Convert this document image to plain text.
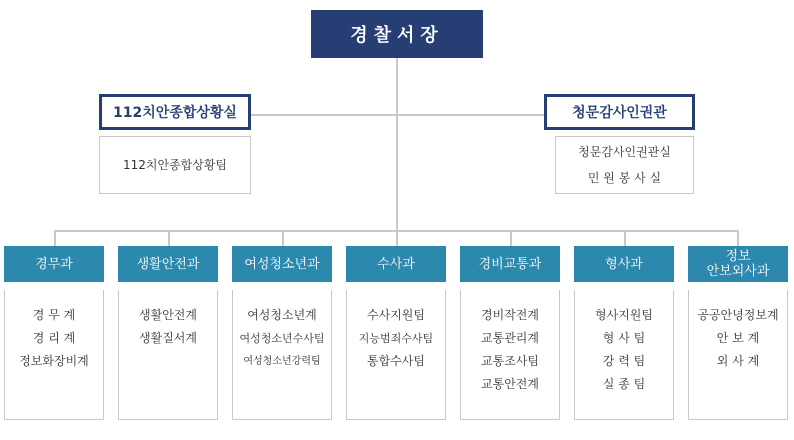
경찰서장
112치안종합상황실
112치안종합상황팀
청문감사인권관
청문감사인권관실
민 원 봉 사 실
경무과
경 무 계
경 리 계
정보화장비계
생활안전과
생활안전계
생활질서계
여성청소년과
여성청소년계
여성청소년수사팀
여성청소년강력팀
수사과
수사지원팀
지능범죄수사팀
통합수사팀
경비교통과
경비작전계
교통관리계
교통조사팀
교통안전계
형사과
형사지원팀
형 사 팀
강 력 팀
실 종 팀
정보
안보외사과
공공안녕정보계
안 보 계
외 사 계
